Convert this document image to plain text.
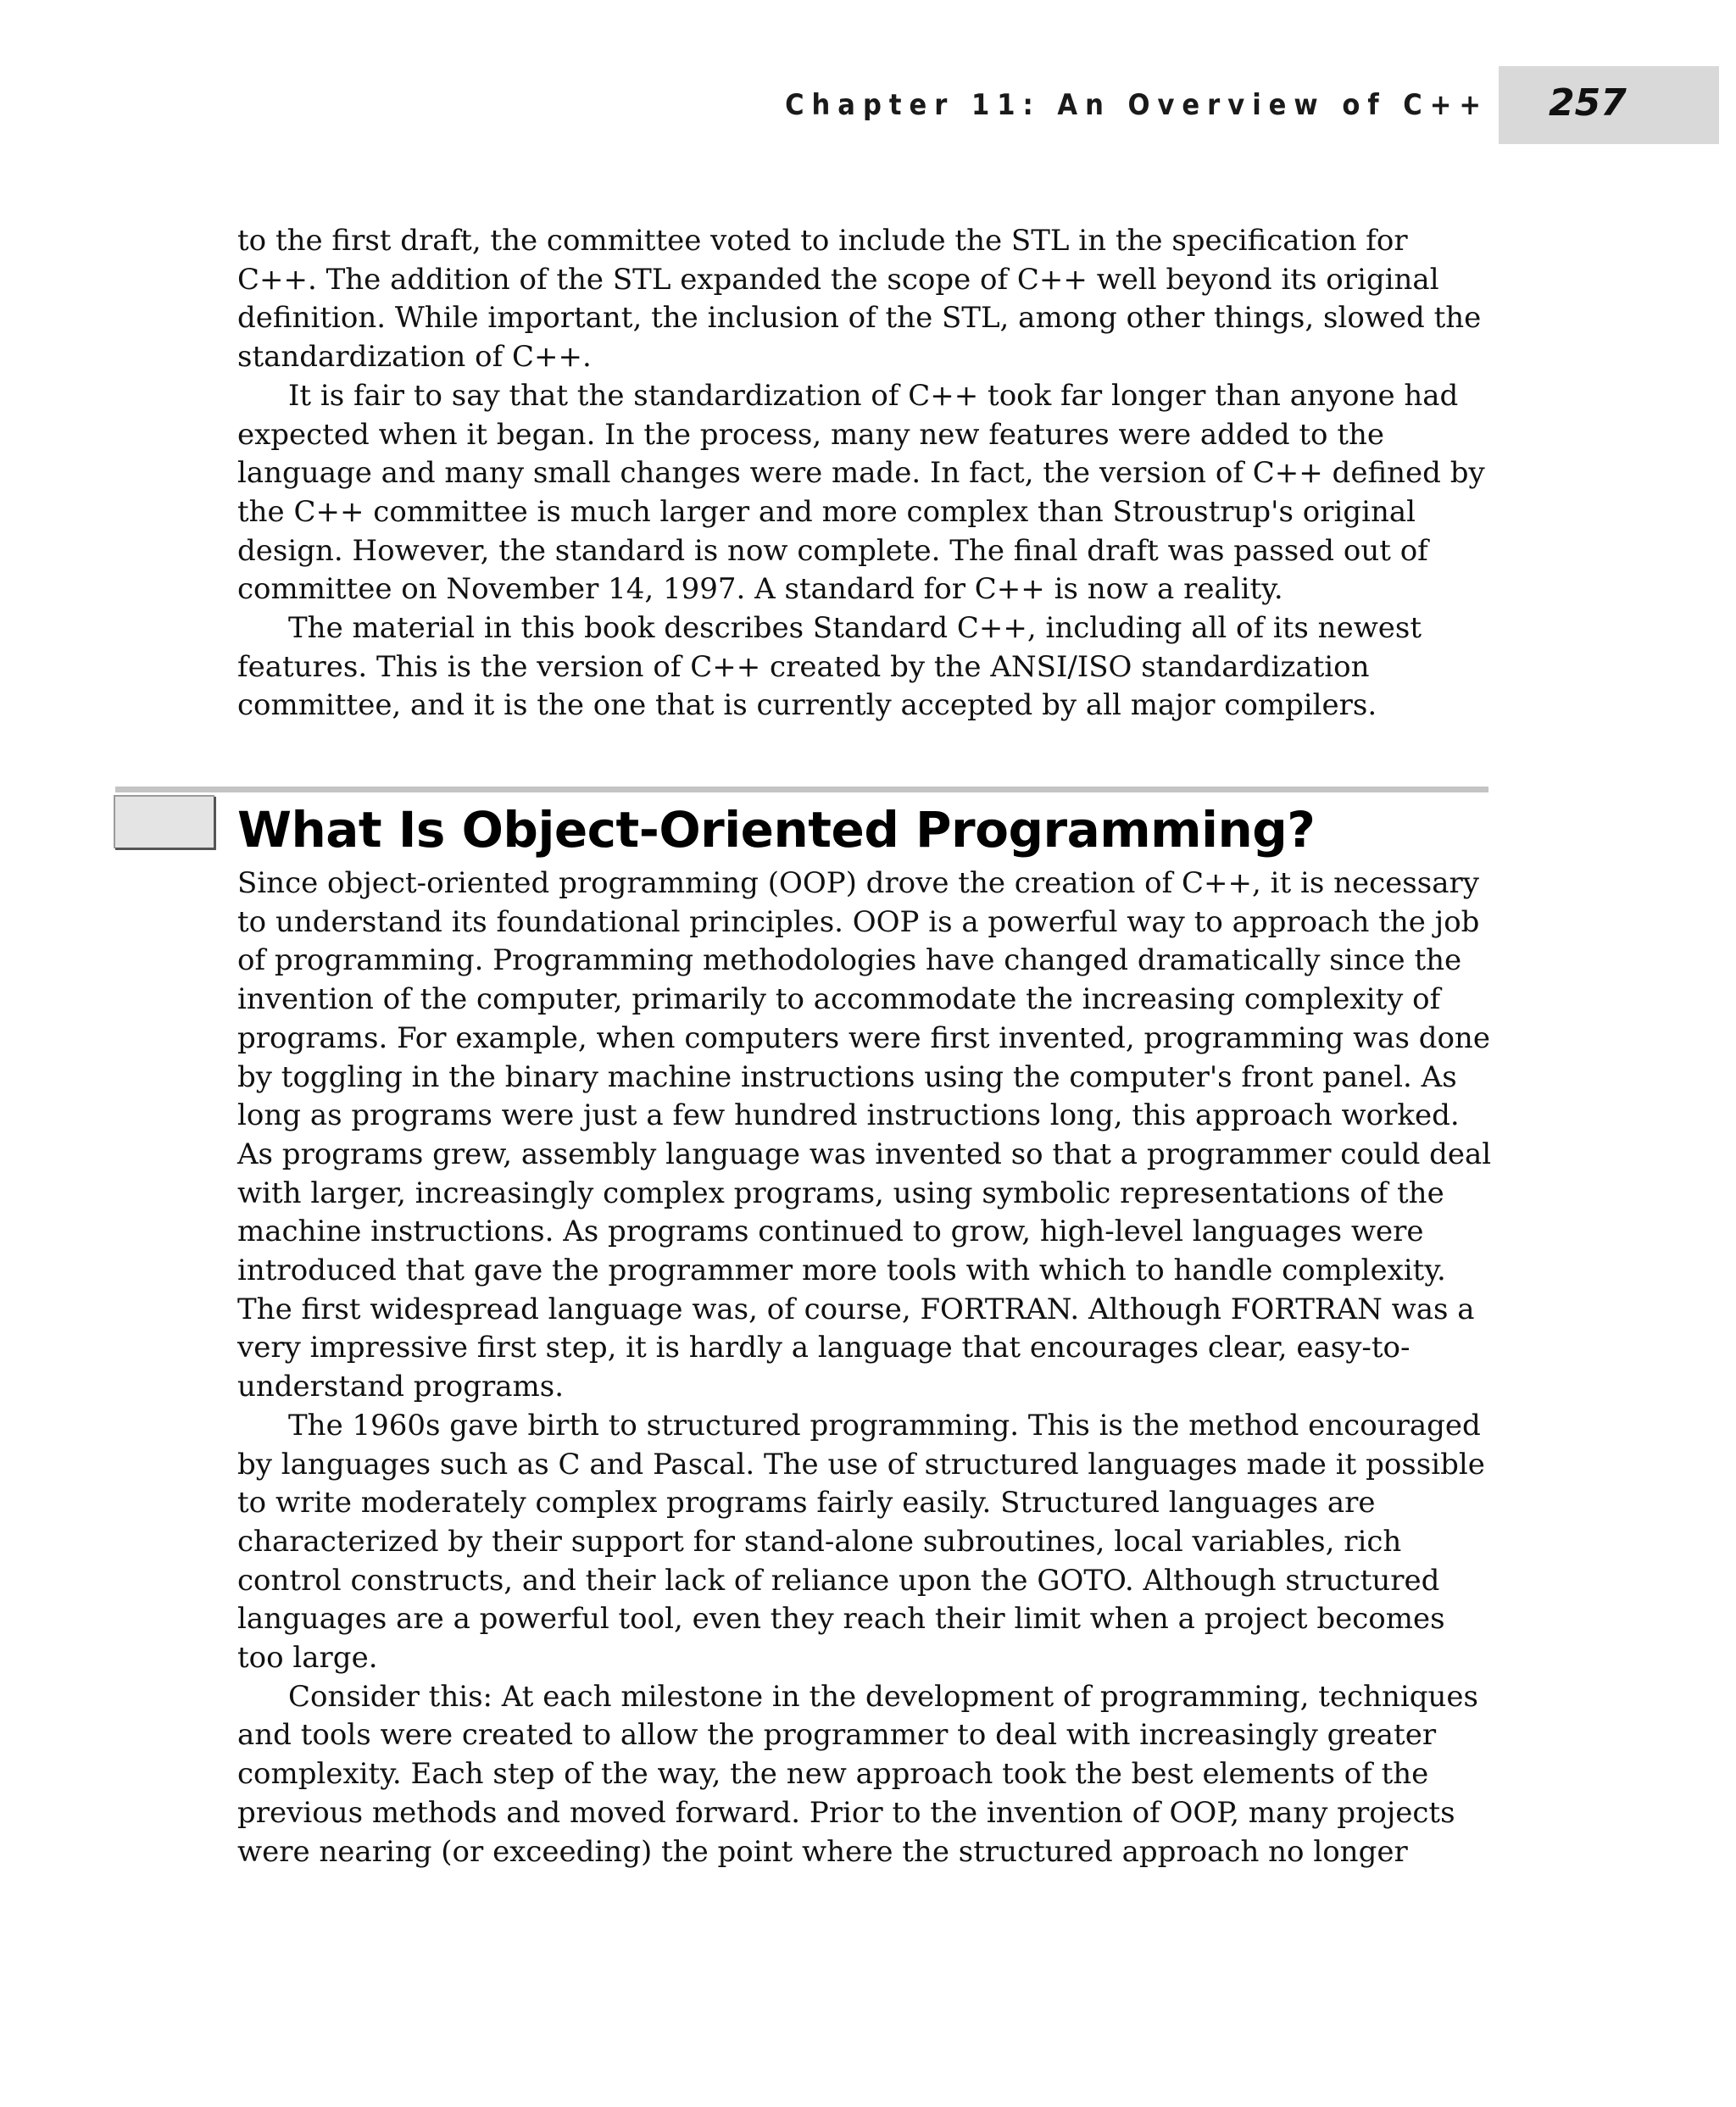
Chapter 11: An Overview of C++ 257

to the first draft, the committee voted to include the STL in the specification for C++. The addition of the STL expanded the scope of C++ well beyond its original definition. While important, the inclusion of the STL, among other things, slowed the standardization of C++.

It is fair to say that the standardization of C++ took far longer than anyone had expected when it began. In the process, many new features were added to the language and many small changes were made. In fact, the version of C++ defined by the C++ committee is much larger and more complex than Stroustrup's original design. However, the standard is now complete. The final draft was passed out of committee on November 14, 1997. A standard for C++ is now a reality.

The material in this book describes Standard C++, including all of its newest features. This is the version of C++ created by the ANSI/ISO standardization committee, and it is the one that is currently accepted by all major compilers.

What Is Object-Oriented Programming?

Since object-oriented programming (OOP) drove the creation of C++, it is necessary to understand its foundational principles. OOP is a powerful way to approach the job of programming. Programming methodologies have changed dramatically since the invention of the computer, primarily to accommodate the increasing complexity of programs. For example, when computers were first invented, programming was done by toggling in the binary machine instructions using the computer's front panel. As long as programs were just a few hundred instructions long, this approach worked. As programs grew, assembly language was invented so that a programmer could deal with larger, increasingly complex programs, using symbolic representations of the machine instructions. As programs continued to grow, high-level languages were introduced that gave the programmer more tools with which to handle complexity. The first widespread language was, of course, FORTRAN. Although FORTRAN was a very impressive first step, it is hardly a language that encourages clear, easy-to-understand programs.

The 1960s gave birth to structured programming. This is the method encouraged by languages such as C and Pascal. The use of structured languages made it possible to write moderately complex programs fairly easily. Structured languages are characterized by their support for stand-alone subroutines, local variables, rich control constructs, and their lack of reliance upon the GOTO. Although structured languages are a powerful tool, even they reach their limit when a project becomes too large.

Consider this: At each milestone in the development of programming, techniques and tools were created to allow the programmer to deal with increasingly greater complexity. Each step of the way, the new approach took the best elements of the previous methods and moved forward. Prior to the invention of OOP, many projects were nearing (or exceeding) the point where the structured approach no longer
